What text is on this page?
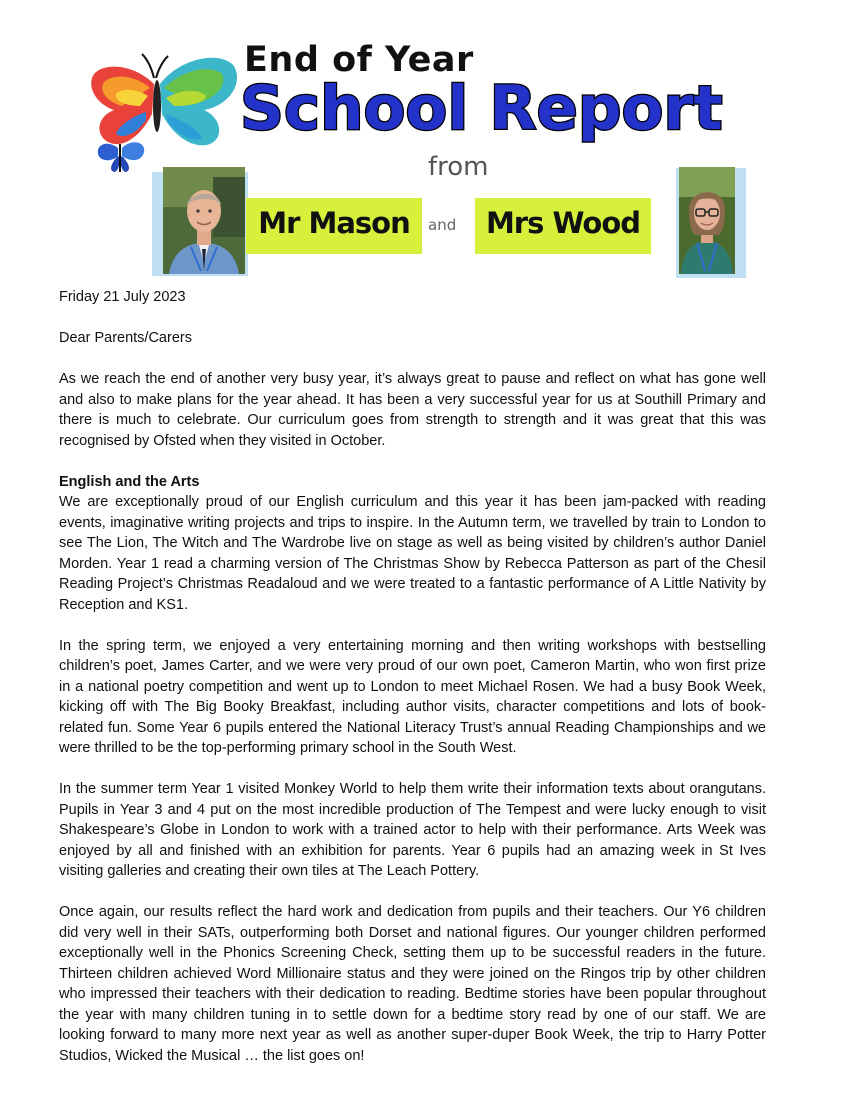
End of Year
School Report
from
Mr Mason	and	Mrs Wood

Friday 21 July 2023

Dear Parents/Carers

As we reach the end of another very busy year, it’s always great to pause and reflect on what has gone well and also to make plans for the year ahead. It has been a very successful year for us at Southill Primary and there is much to celebrate. Our curriculum goes from strength to strength and it was great that this was recognised by Ofsted when they visited in October.

English and the Arts

We are exceptionally proud of our English curriculum and this year it has been jam-packed with reading events, imaginative writing projects and trips to inspire. In the Autumn term, we travelled by train to London to see The Lion, The Witch and The Wardrobe live on stage as well as being visited by children’s author Daniel Morden. Year 1 read a charming version of The Christmas Show by Rebecca Patterson as part of the Chesil Reading Project’s Christmas Readaloud and we were treated to a fantastic performance of A Little Nativity by Reception and KS1.

In the spring term, we enjoyed a very entertaining morning and then writing workshops with bestselling children’s poet, James Carter, and we were very proud of our own poet, Cameron Martin, who won first prize in a national poetry competition and went up to London to meet Michael Rosen. We had a busy Book Week, kicking off with The Big Booky Breakfast, including author visits, character competitions and lots of book-related fun. Some Year 6 pupils entered the National Literacy Trust’s annual Reading Championships and we were thrilled to be the top-performing primary school in the South West.

In the summer term Year 1 visited Monkey World to help them write their information texts about orangutans. Pupils in Year 3 and 4 put on the most incredible production of The Tempest and were lucky enough to visit Shakespeare’s Globe in London to work with a trained actor to help with their performance. Arts Week was enjoyed by all and finished with an exhibition for parents. Year 6 pupils had an amazing week in St Ives visiting galleries and creating their own tiles at The Leach Pottery.

Once again, our results reflect the hard work and dedication from pupils and their teachers. Our Y6 children did very well in their SATs, outperforming both Dorset and national figures. Our younger children performed exceptionally well in the Phonics Screening Check, setting them up to be successful readers in the future. Thirteen children achieved Word Millionaire status and they were joined on the Ringos trip by other children who impressed their teachers with their dedication to reading. Bedtime stories have been popular throughout the year with many children tuning in to settle down for a bedtime story read by one of our staff. We are looking forward to many more next year as well as another super-duper Book Week, the trip to Harry Potter Studios, Wicked the Musical … the list goes on!
